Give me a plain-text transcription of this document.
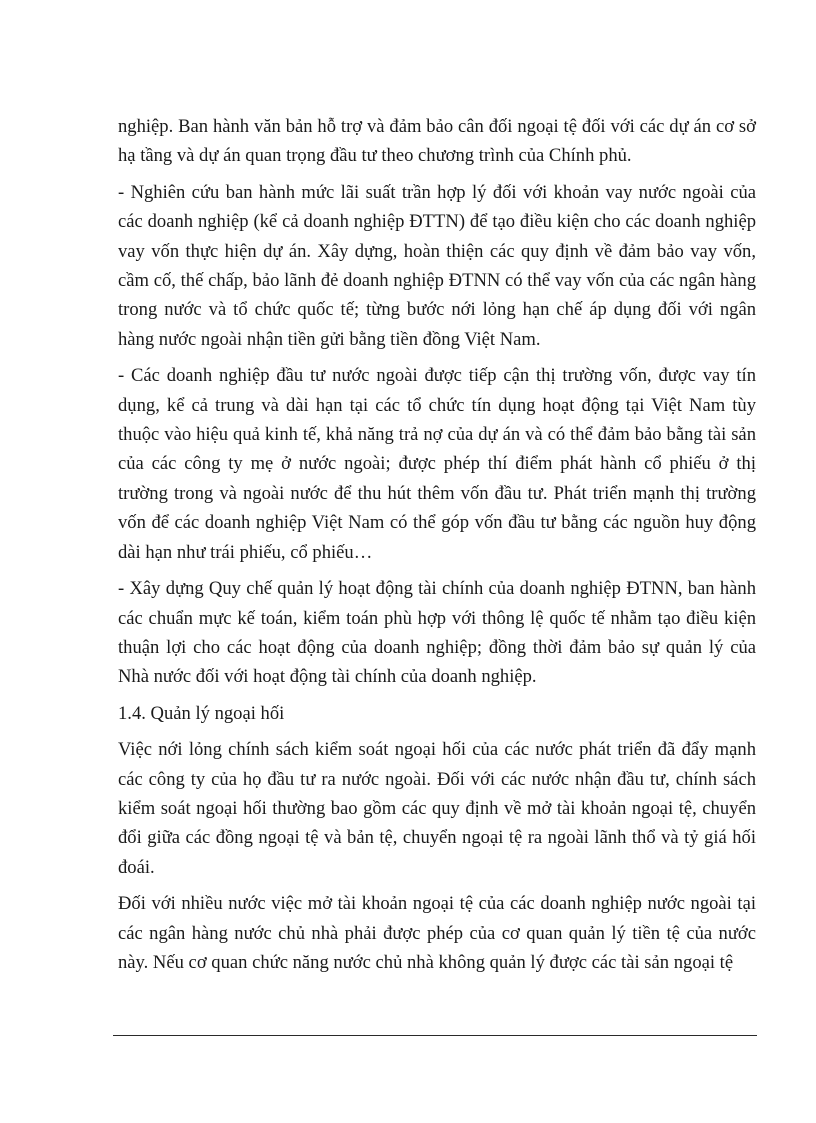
nghiệp. Ban hành văn bản hỗ trợ và đảm bảo cân đối ngoại tệ đối với các dự án cơ sở hạ tầng và dự án quan trọng đầu tư theo chương trình của Chính phủ.

- Nghiên cứu ban hành mức lãi suất trần hợp lý đối với khoản vay nước ngoài của các doanh nghiệp (kể cả doanh nghiệp ĐTTN) để tạo điều kiện cho các doanh nghiệp vay vốn thực hiện dự án. Xây dựng, hoàn thiện các quy định về đảm bảo vay vốn, cầm cố, thế chấp, bảo lãnh đẻ doanh nghiệp ĐTNN có thể vay vốn của các ngân hàng trong nước và tổ chức quốc tế; từng bước nới lỏng hạn chế áp dụng đối với ngân hàng nước ngoài nhận tiền gửi bằng tiền đồng Việt Nam.

- Các doanh nghiệp đầu tư nước ngoài được tiếp cận thị trường vốn, được vay tín dụng, kể cả trung và dài hạn tại các tổ chức tín dụng hoạt động tại Việt Nam tùy thuộc vào hiệu quả kinh tế, khả năng trả nợ của dự án và có thể đảm bảo bằng tài sản của các công ty mẹ ở nước ngoài; được phép thí điểm phát hành cổ phiếu ở thị trường trong và ngoài nước để thu hút thêm vốn đầu tư. Phát triển mạnh thị trường vốn để các doanh nghiệp Việt Nam có thể góp vốn đầu tư bằng các nguồn huy động dài hạn như trái phiếu, cổ phiếu…

- Xây dựng Quy chế quản lý hoạt động tài chính của doanh nghiệp ĐTNN, ban hành các chuẩn mực kế toán, kiểm toán phù hợp với thông lệ quốc tế nhằm tạo điều kiện thuận lợi cho các hoạt động của doanh nghiệp; đồng thời đảm bảo sự quản lý của Nhà nước đối với hoạt động tài chính của doanh nghiệp.

1.4. Quản lý ngoại hối

Việc nới lỏng chính sách kiểm soát ngoại hối của các nước phát triển đã đẩy mạnh các công ty của họ đầu tư ra nước ngoài. Đối với các nước nhận đầu tư, chính sách kiểm soát ngoại hối thường bao gồm các quy định về mở tài khoản ngoại tệ, chuyển đổi giữa các đồng ngoại tệ và bản tệ, chuyển ngoại tệ ra ngoài lãnh thổ và tỷ giá hối đoái.

Đối với nhiều nước việc mở tài khoản ngoại tệ của các doanh nghiệp nước ngoài tại các ngân hàng nước chủ nhà phải được phép của cơ quan quản lý tiền tệ của nước này. Nếu cơ quan chức năng nước chủ nhà không quản lý được các tài sản ngoại tệ
